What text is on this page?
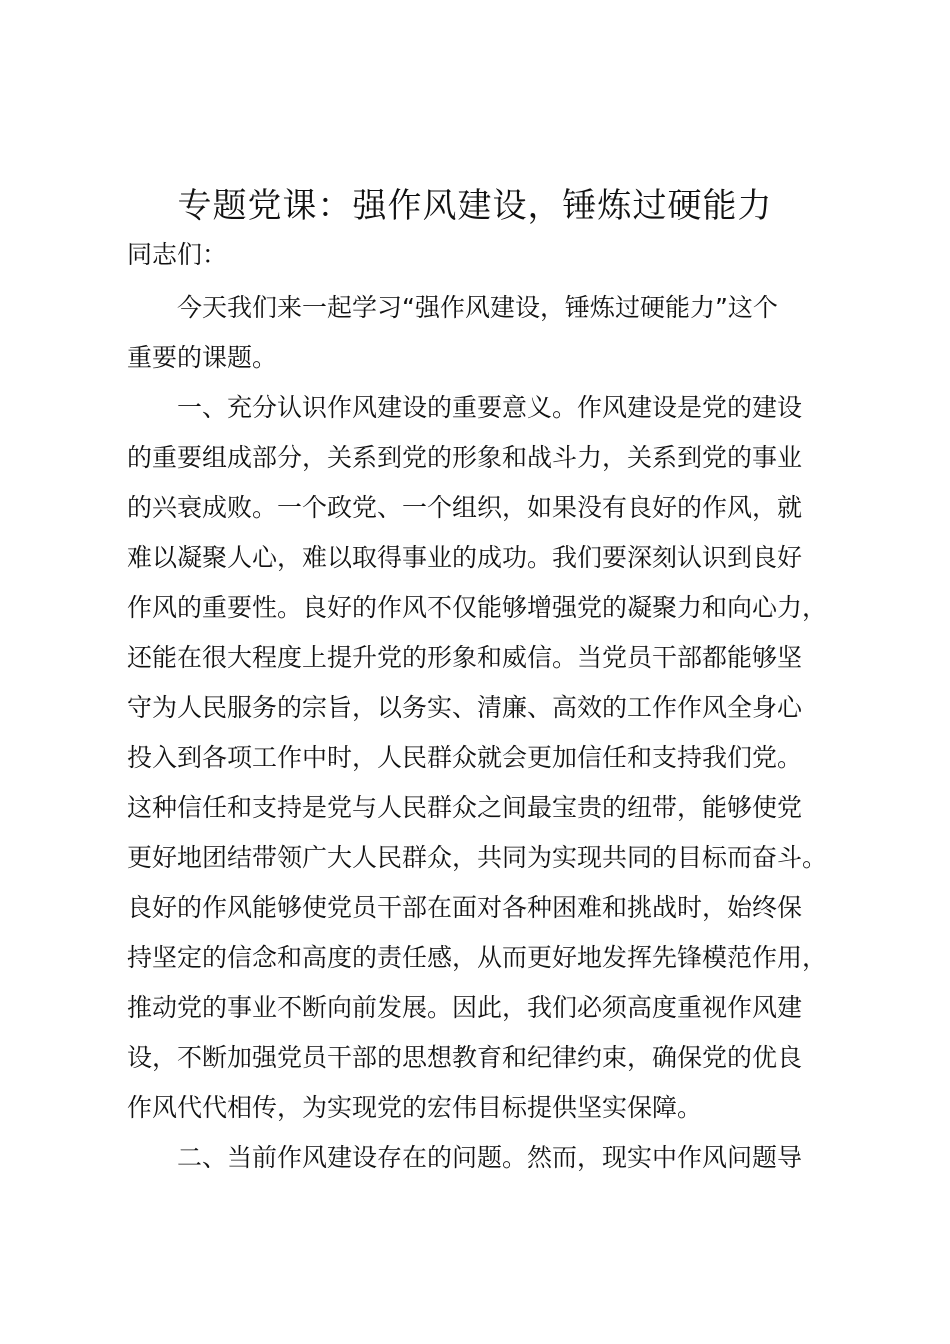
专题党课：强作风建设，锤炼过硬能力
同志们：

今天我们来一起学习“强作风建设，锤炼过硬能力”这个
重要的课题。

一、充分认识作风建设的重要意义。作风建设是党的建设
的重要组成部分，关系到党的形象和战斗力，关系到党的事业
的兴衰成败。一个政党、一个组织，如果没有良好的作风，就
难以凝聚人心，难以取得事业的成功。我们要深刻认识到良好
作风的重要性。良好的作风不仅能够增强党的凝聚力和向心力，
还能在很大程度上提升党的形象和威信。当党员干部都能够坚
守为人民服务的宗旨，以务实、清廉、高效的工作作风全身心
投入到各项工作中时，人民群众就会更加信任和支持我们党。
这种信任和支持是党与人民群众之间最宝贵的纽带，能够使党
更好地团结带领广大人民群众，共同为实现共同的目标而奋斗。
良好的作风能够使党员干部在面对各种困难和挑战时，始终保
持坚定的信念和高度的责任感，从而更好地发挥先锋模范作用，
推动党的事业不断向前发展。因此，我们必须高度重视作风建
设，不断加强党员干部的思想教育和纪律约束，确保党的优良
作风代代相传，为实现党的宏伟目标提供坚实保障。

二、当前作风建设存在的问题。然而，现实中作风问题导
